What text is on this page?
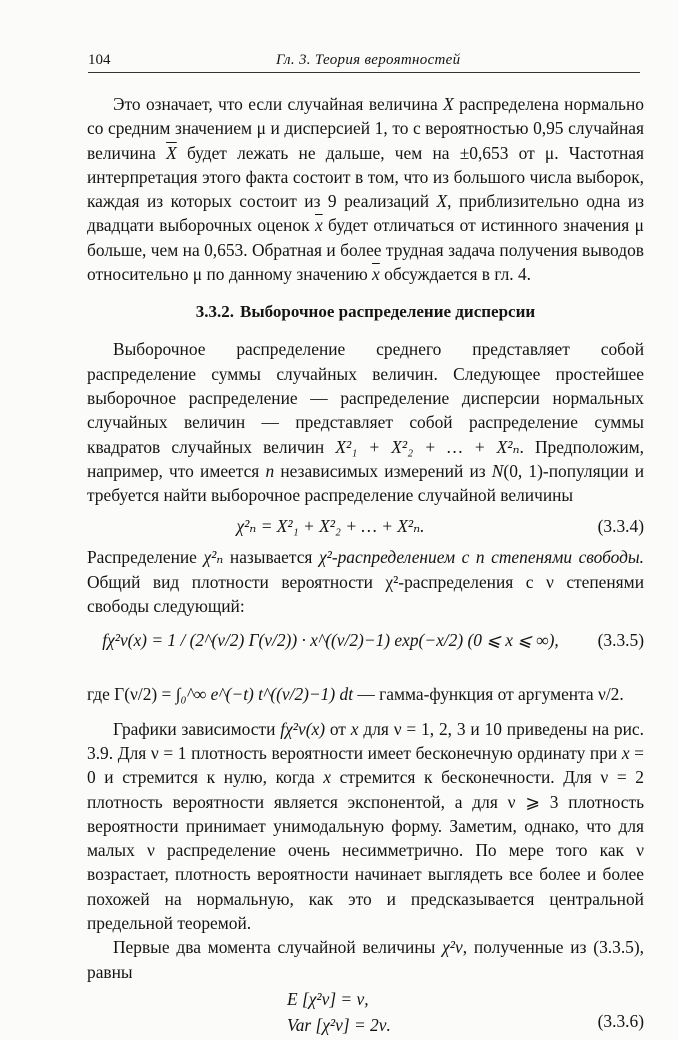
104	Гл. 3. Теория вероятностей

Это означает, что если случайная величина X распределена нормально со средним значением μ и дисперсией 1, то с вероятностью 0,95 случайная величина $\overline{X}$ будет лежать не дальше, чем на ±0,653 от μ. Частотная интерпретация этого факта состоит в том, что из большого числа выборок, каждая из которых состоит из 9 реализаций X, приблизительно одна из двадцати выборочных оценок $\overline{x}$ будет отличаться от истинного значения μ больше, чем на 0,653. Обратная и более трудная задача получения выводов относительно μ по данному значению $\overline{x}$ обсуждается в гл. 4.

3.3.2. Выборочное распределение дисперсии

Выборочное распределение среднего представляет собой распределение суммы случайных величин. Следующее простейшее выборочное распределение — распределение дисперсии нормальных случайных величин — представляет собой распределение суммы квадратов случайных величин X²₁ + X²₂ + … + X²ₙ. Предположим, например, что имеется n независимых измерений из N(0, 1)-популяции и требуется найти выборочное распределение случайной величины

χ²ₙ = X²₁ + X²₂ + … + X²ₙ.	(3.3.4)

Распределение χ²ₙ называется χ²-распределением с n степенями свободы. Общий вид плотности вероятности χ²-распределения с ν степенями свободы следующий:

fχ²ν(x) = 1 / (2^(ν/2) Γ(ν/2)) · x^((ν/2)−1) exp(−x/2) (0 ⩽ x ⩽ ∞),	(3.3.5)

где Γ(ν/2) = ∫₀^∞ e^(−t) t^((ν/2)−1) dt — гамма-функция от аргумента ν/2.

Графики зависимости fχ²ν(x) от x для ν = 1, 2, 3 и 10 приведены на рис. 3.9. Для ν = 1 плотность вероятности имеет бесконечную ординату при x = 0 и стремится к нулю, когда x стремится к бесконечности. Для ν = 2 плотность вероятности является экспонентой, а для ν ⩾ 3 плотность вероятности принимает унимодальную форму. Заметим, однако, что для малых ν распределение очень несимметрично. По мере того как ν возрастает, плотность вероятности начинает выглядеть все более и более похожей на нормальную, как это и предсказывается центральной предельной теоремой.

Первые два момента случайной величины χ²ν, полученные из (3.3.5), равны

E [χ²ν] = ν,
Var [χ²ν] = 2ν.	(3.3.6)
